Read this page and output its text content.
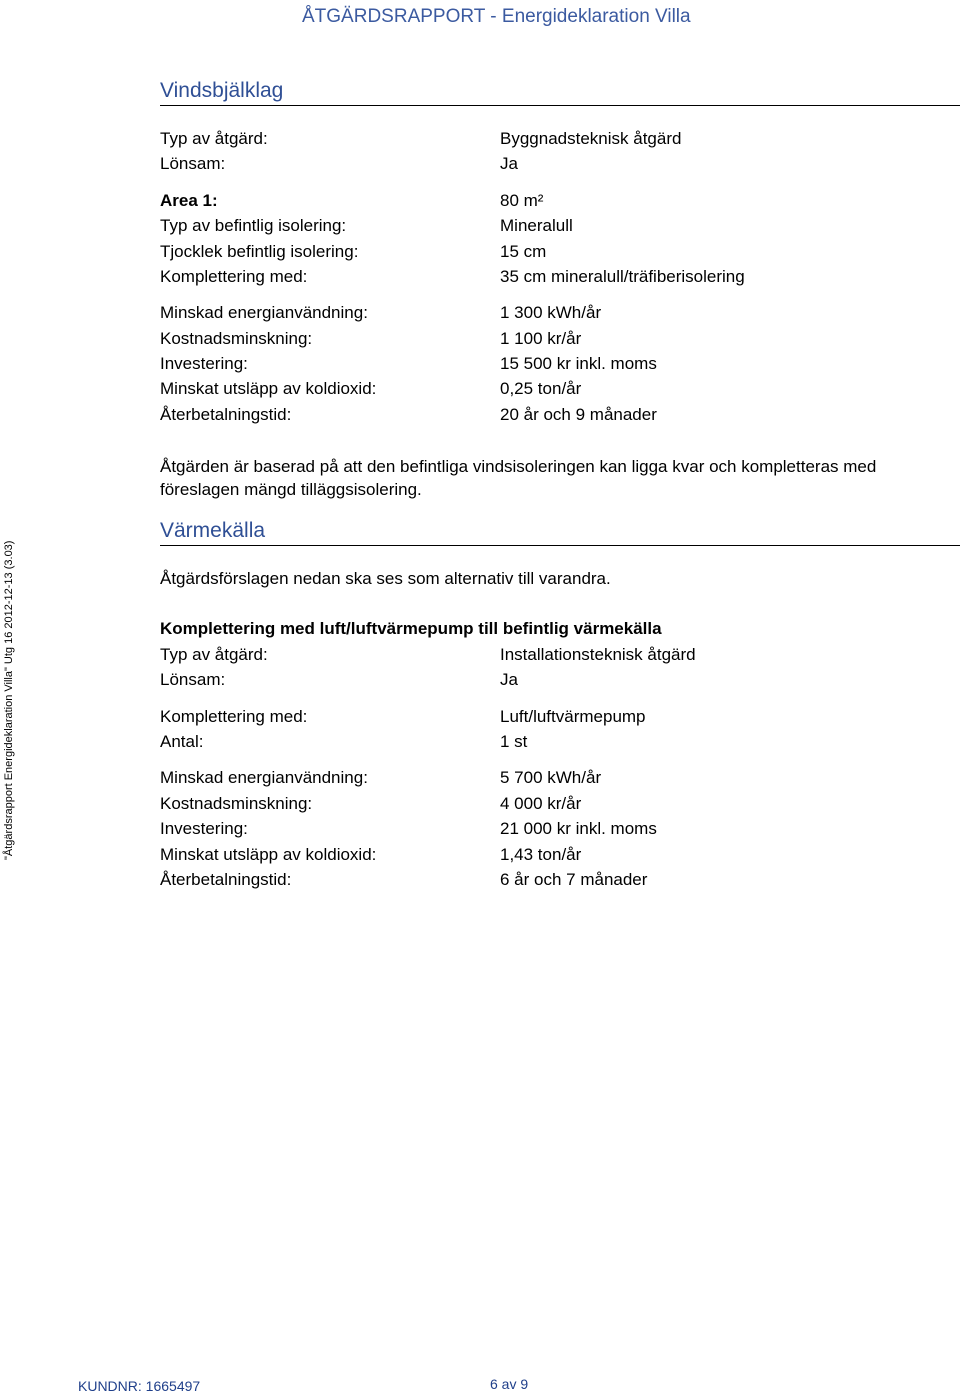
ÅTGÄRDSRAPPORT - Energideklaration Villa
"Åtgärdsrapport Energideklaration Villa" Utg 16 2012-12-13 (3.03)
Vindsbjälklag
Typ av åtgärd:	Byggnadsteknisk åtgärd
Lönsam:	Ja
Area 1:	80 m²
Typ av befintlig isolering:	Mineralull
Tjocklek befintlig isolering:	15 cm
Komplettering med:	35 cm mineralull/träfiberisolering
Minskad energianvändning:	1 300 kWh/år
Kostnadsminskning:	1 100 kr/år
Investering:	15 500 kr inkl. moms
Minskat utsläpp av koldioxid:	0,25 ton/år
Återbetalningstid:	20 år och 9 månader
Åtgärden är baserad på att den befintliga vindsisoleringen kan ligga kvar och kompletteras med föreslagen mängd tilläggsisolering.
Värmekälla
Åtgärdsförslagen nedan ska ses som alternativ till varandra.
Komplettering med luft/luftvärmepump till befintlig värmekälla
Typ av åtgärd:	Installationsteknisk åtgärd
Lönsam:	Ja
Komplettering med:	Luft/luftvärmepump
Antal:	1 st
Minskad energianvändning:	5 700 kWh/år
Kostnadsminskning:	4 000 kr/år
Investering:	21 000 kr inkl. moms
Minskat utsläpp av koldioxid:	1,43 ton/år
Återbetalningstid:	6 år och 7 månader
KUNDNR: 1665497	6 av 9
